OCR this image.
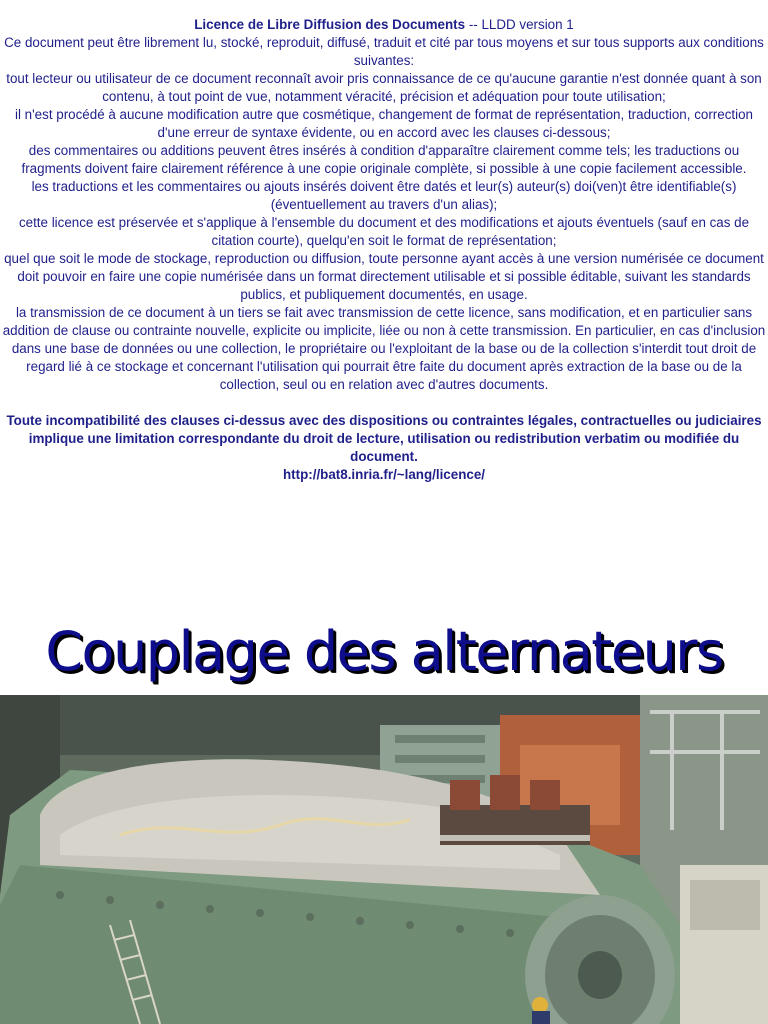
Licence de Libre Diffusion des Documents -- LLDD version 1

Ce document peut être librement lu, stocké, reproduit, diffusé, traduit et cité par tous moyens et sur tous supports aux conditions suivantes:

tout lecteur ou utilisateur de ce document reconnaît avoir pris connaissance de ce qu'aucune garantie n'est donnée quant à son contenu, à tout point de vue, notamment véracité, précision et adéquation pour toute utilisation;

il n'est procédé à aucune modification autre que cosmétique, changement de format de représentation, traduction, correction d'une erreur de syntaxe évidente, ou en accord avec les clauses ci-dessous;

des commentaires ou additions peuvent êtres insérés à condition d'apparaître clairement comme tels; les traductions ou fragments doivent faire clairement référence à une copie originale complète, si possible à une copie facilement accessible.

les traductions et les commentaires ou ajouts insérés doivent être datés et leur(s) auteur(s) doi(ven)t être identifiable(s) (éventuellement au travers d'un alias);

cette licence est préservée et s'applique à l'ensemble du document et des modifications et ajouts éventuels (sauf en cas de citation courte), quelqu'en soit le format de représentation;

quel que soit le mode de stockage, reproduction ou diffusion, toute personne ayant accès à une version numérisée ce document doit pouvoir en faire une copie numérisée dans un format directement utilisable et si possible éditable, suivant les standards publics, et publiquement documentés, en usage.

la transmission de ce document à un tiers se fait avec transmission de cette licence, sans modification, et en particulier sans addition de clause ou contrainte nouvelle, explicite ou implicite, liée ou non à cette transmission. En particulier, en cas d'inclusion dans une base de données ou une collection, le propriétaire ou l'exploitant de la base ou de la collection s'interdit tout droit de regard lié à ce stockage et concernant l'utilisation qui pourrait être faite du document après extraction de la base ou de la collection, seul ou en relation avec d'autres documents.

Toute incompatibilité des clauses ci-dessus avec des dispositions ou contraintes légales, contractuelles ou judiciaires implique une limitation correspondante du droit de lecture, utilisation ou redistribution verbatim ou modifiée du document.

http://bat8.inria.fr/~lang/licence/

Couplage des alternateurs
